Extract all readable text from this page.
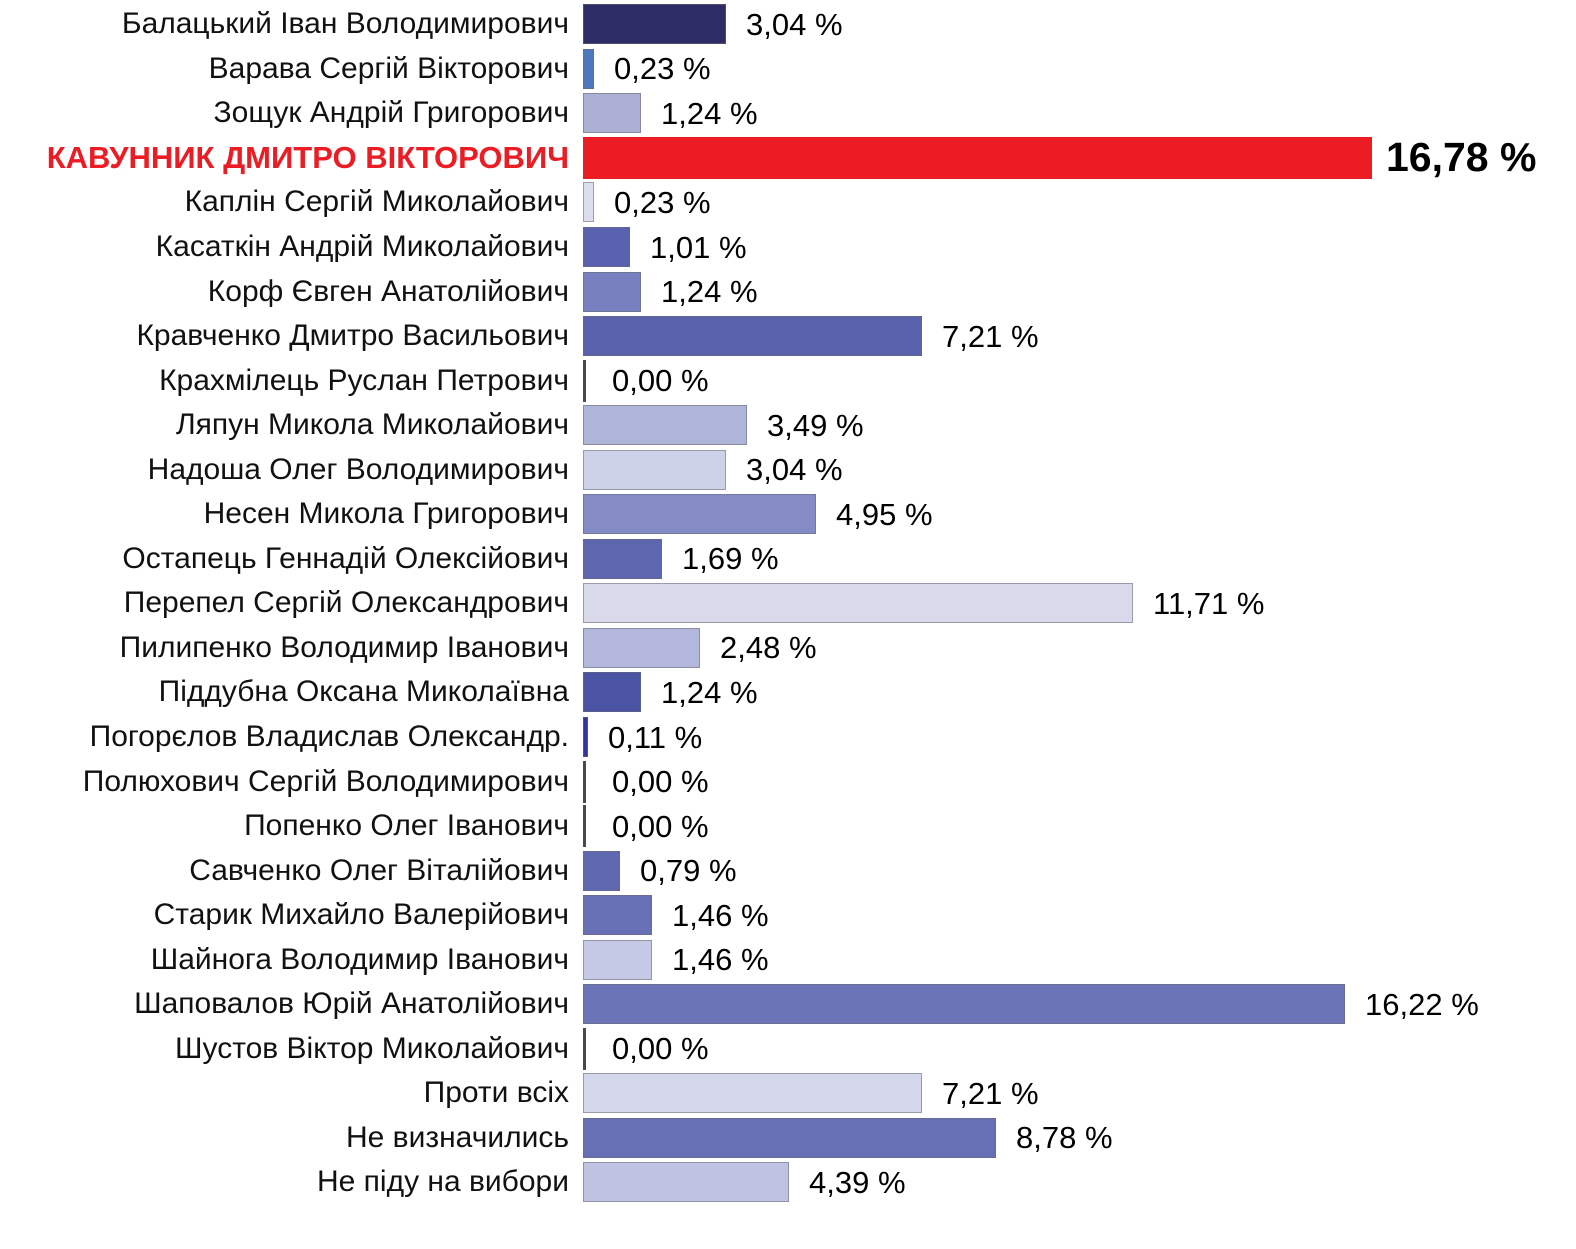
Балацький Іван Володимирович	3,04 %
Варава Сергій Вікторович	0,23 %
Зощук Андрій Григорович	1,24 %
КАВУННИК ДМИТРО ВІКТОРОВИЧ	16,78 %
Каплін Сергій Миколайович	0,23 %
Касаткін Андрій Миколайович	1,01 %
Корф Євген Анатолійович	1,24 %
Кравченко Дмитро Васильович	7,21 %
Крахмілець Руслан Петрович	0,00 %
Ляпун Микола Миколайович	3,49 %
Надоша Олег Володимирович	3,04 %
Несен Микола Григорович	4,95 %
Остапець Геннадій Олексійович	1,69 %
Перепел Сергій Олександрович	11,71 %
Пилипенко Володимир Іванович	2,48 %
Піддубна Оксана Миколаївна	1,24 %
Погорєлов Владислав Олександр.	0,11 %
Полюхович Сергій Володимирович	0,00 %
Попенко Олег Іванович	0,00 %
Савченко Олег Віталійович	0,79 %
Старик Михайло Валерійович	1,46 %
Шайнога Володимир Іванович	1,46 %
Шаповалов Юрій Анатолійович	16,22 %
Шустов Віктор Миколайович	0,00 %
Проти всіх	7,21 %
Не визначились	8,78 %
Не піду на вибори	4,39 %
